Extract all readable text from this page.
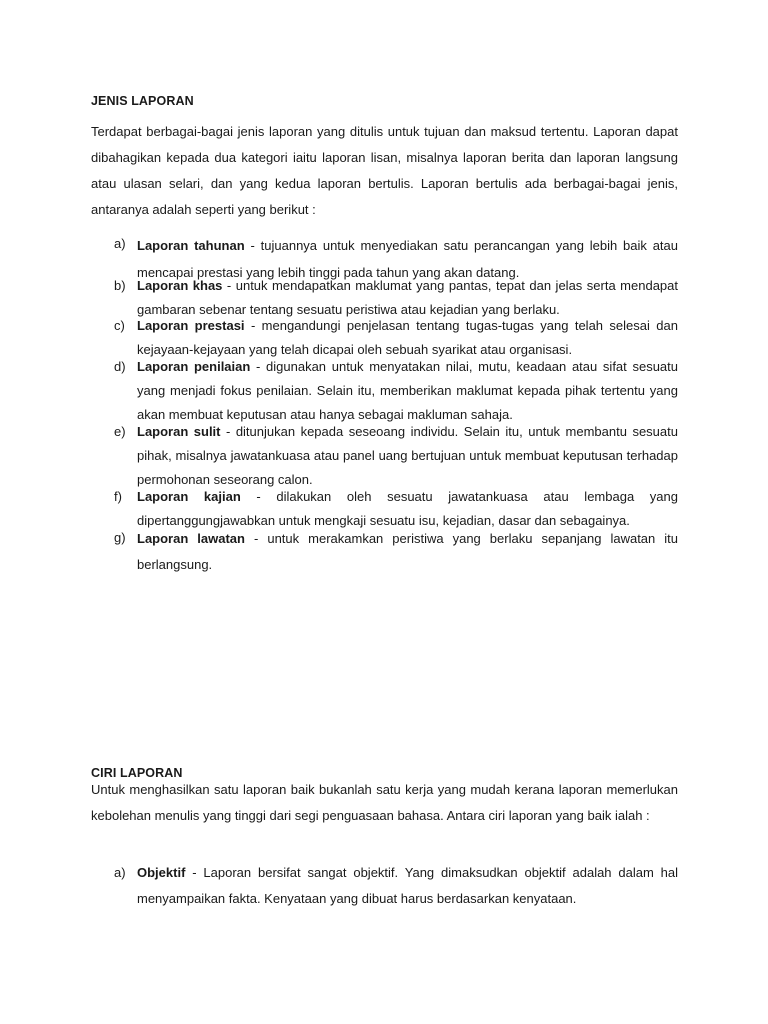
JENIS LAPORAN
Terdapat berbagai-bagai jenis laporan yang ditulis untuk tujuan dan maksud tertentu. Laporan dapat dibahagikan kepada dua kategori iaitu laporan lisan, misalnya laporan berita dan laporan langsung atau ulasan selari, dan yang kedua laporan bertulis. Laporan bertulis ada berbagai-bagai jenis, antaranya adalah seperti yang berikut :
a) Laporan tahunan - tujuannya untuk menyediakan satu perancangan yang lebih baik atau mencapai prestasi yang lebih tinggi pada tahun yang akan datang.
b) Laporan khas - untuk mendapatkan maklumat yang pantas, tepat dan jelas serta mendapat gambaran sebenar tentang sesuatu peristiwa atau kejadian yang berlaku.
c) Laporan prestasi - mengandungi penjelasan tentang tugas-tugas yang telah selesai dan kejayaan-kejayaan yang telah dicapai oleh sebuah syarikat atau organisasi.
d) Laporan penilaian - digunakan untuk menyatakan nilai, mutu, keadaan atau sifat sesuatu yang menjadi fokus penilaian. Selain itu, memberikan maklumat kepada pihak tertentu yang akan membuat keputusan atau hanya sebagai makluman sahaja.
e) Laporan sulit - ditunjukan kepada seseoang individu. Selain itu, untuk membantu sesuatu pihak, misalnya jawatankuasa atau panel uang bertujuan untuk membuat keputusan terhadap permohonan seseorang calon.
f) Laporan kajian - dilakukan oleh sesuatu jawatankuasa atau lembaga yang dipertanggungjawabkan untuk mengkaji sesuatu isu, kejadian, dasar dan sebagainya.
g) Laporan lawatan - untuk merakamkan peristiwa yang berlaku sepanjang lawatan itu berlangsung.
CIRI LAPORAN
Untuk menghasilkan satu laporan baik bukanlah satu kerja yang mudah kerana laporan memerlukan kebolehan menulis yang tinggi dari segi penguasaan bahasa. Antara ciri laporan yang baik ialah :
a) Objektif - Laporan bersifat sangat objektif. Yang dimaksudkan objektif adalah dalam hal menyampaikan fakta. Kenyataan yang dibuat harus berdasarkan kenyataan.
